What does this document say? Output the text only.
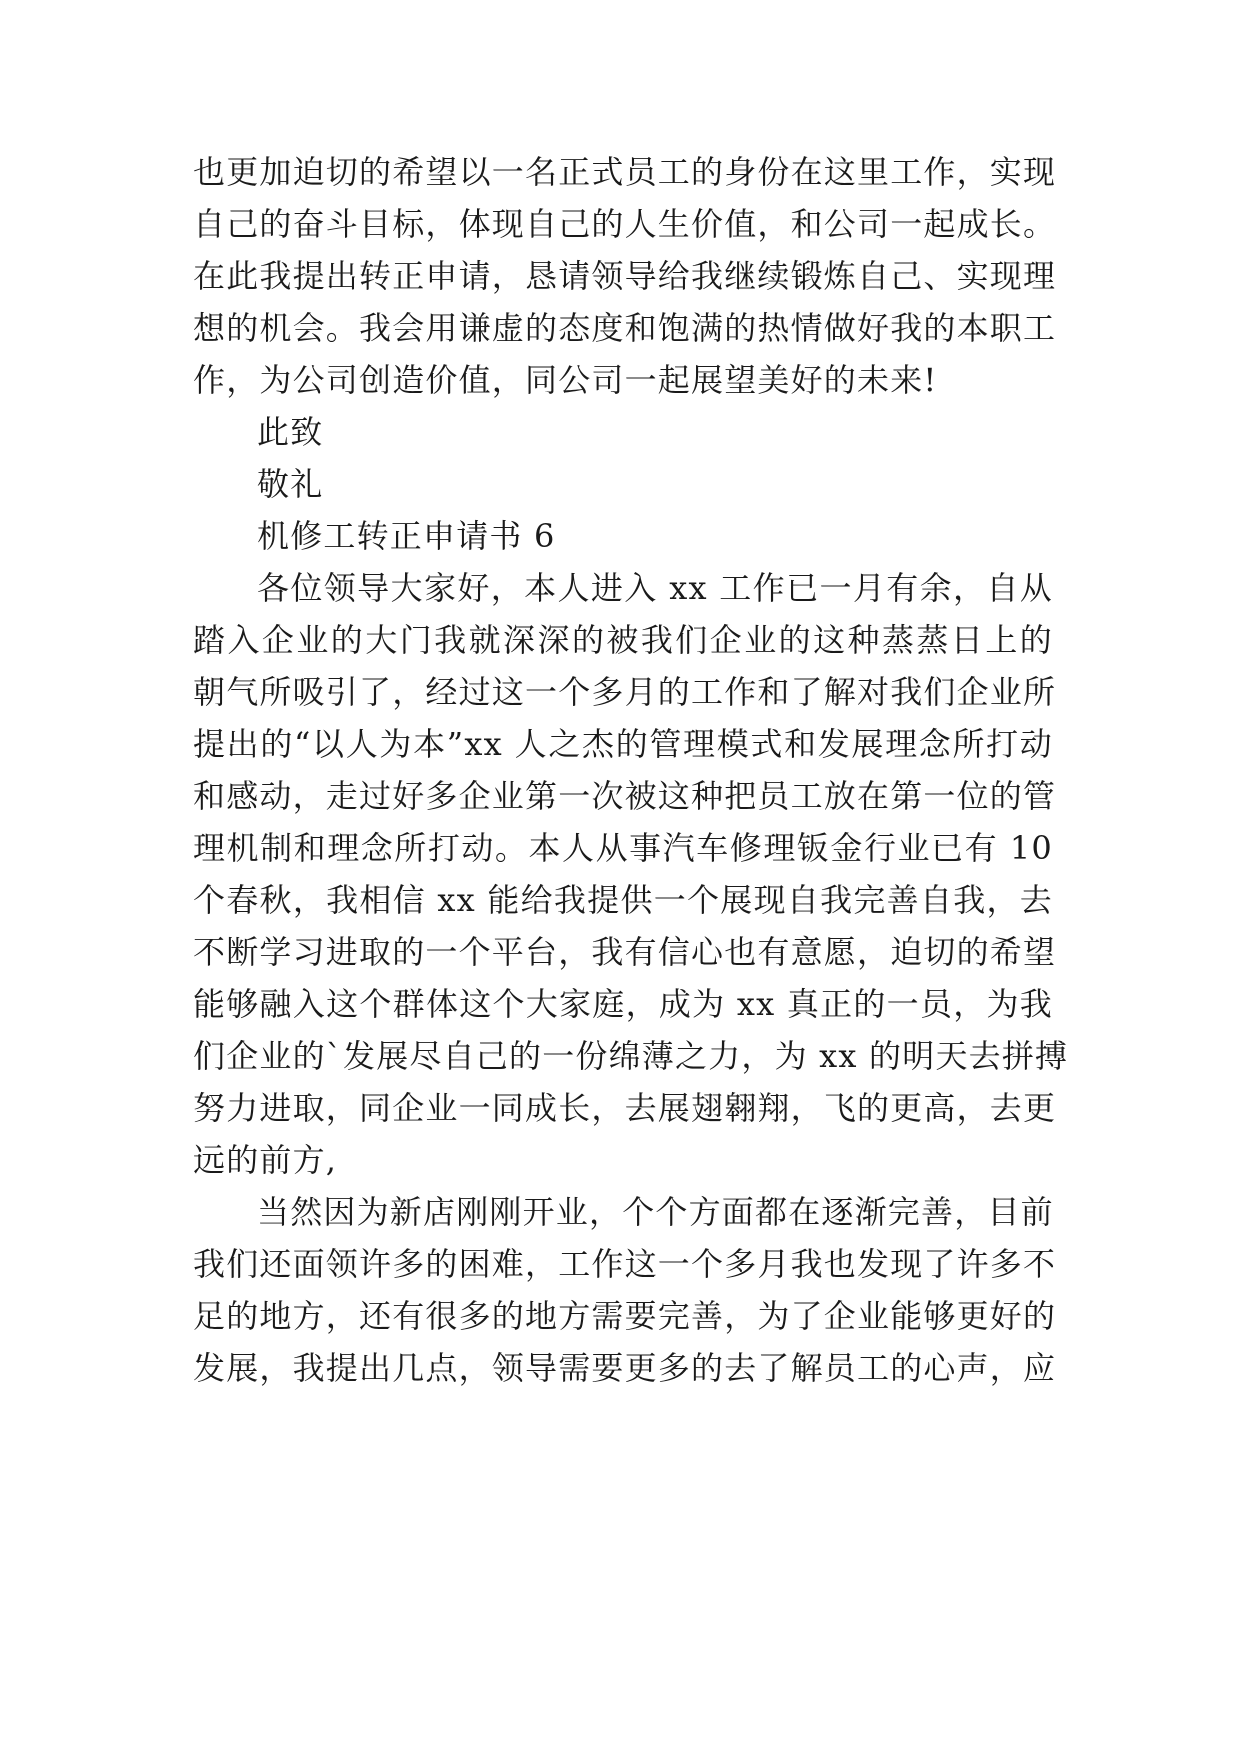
也更加迫切的希望以一名正式员工的身份在这里工作，实现
自己的奋斗目标，体现自己的人生价值，和公司一起成长。
在此我提出转正申请，恳请领导给我继续锻炼自己、实现理
想的机会。我会用谦虚的态度和饱满的热情做好我的本职工
作，为公司创造价值，同公司一起展望美好的未来!
此致
敬礼
机修工转正申请书 6
各位领导大家好，本人进入 xx 工作已一月有余，自从
踏入企业的大门我就深深的被我们企业的这种蒸蒸日上的
朝气所吸引了，经过这一个多月的工作和了解对我们企业所
提出的“以人为本”xx 人之杰的管理模式和发展理念所打动
和感动，走过好多企业第一次被这种把员工放在第一位的管
理机制和理念所打动。本人从事汽车修理钣金行业已有 10
个春秋，我相信 xx 能给我提供一个展现自我完善自我，去
不断学习进取的一个平台，我有信心也有意愿，迫切的希望
能够融入这个群体这个大家庭，成为 xx 真正的一员，为我
们企业的`发展尽自己的一份绵薄之力，为 xx 的明天去拼搏
努力进取，同企业一同成长，去展翅翱翔，飞的更高，去更
远的前方,
当然因为新店刚刚开业，个个方面都在逐渐完善，目前
我们还面领许多的困难，工作这一个多月我也发现了许多不
足的地方，还有很多的地方需要完善，为了企业能够更好的
发展，我提出几点，领导需要更多的去了解员工的心声，应
